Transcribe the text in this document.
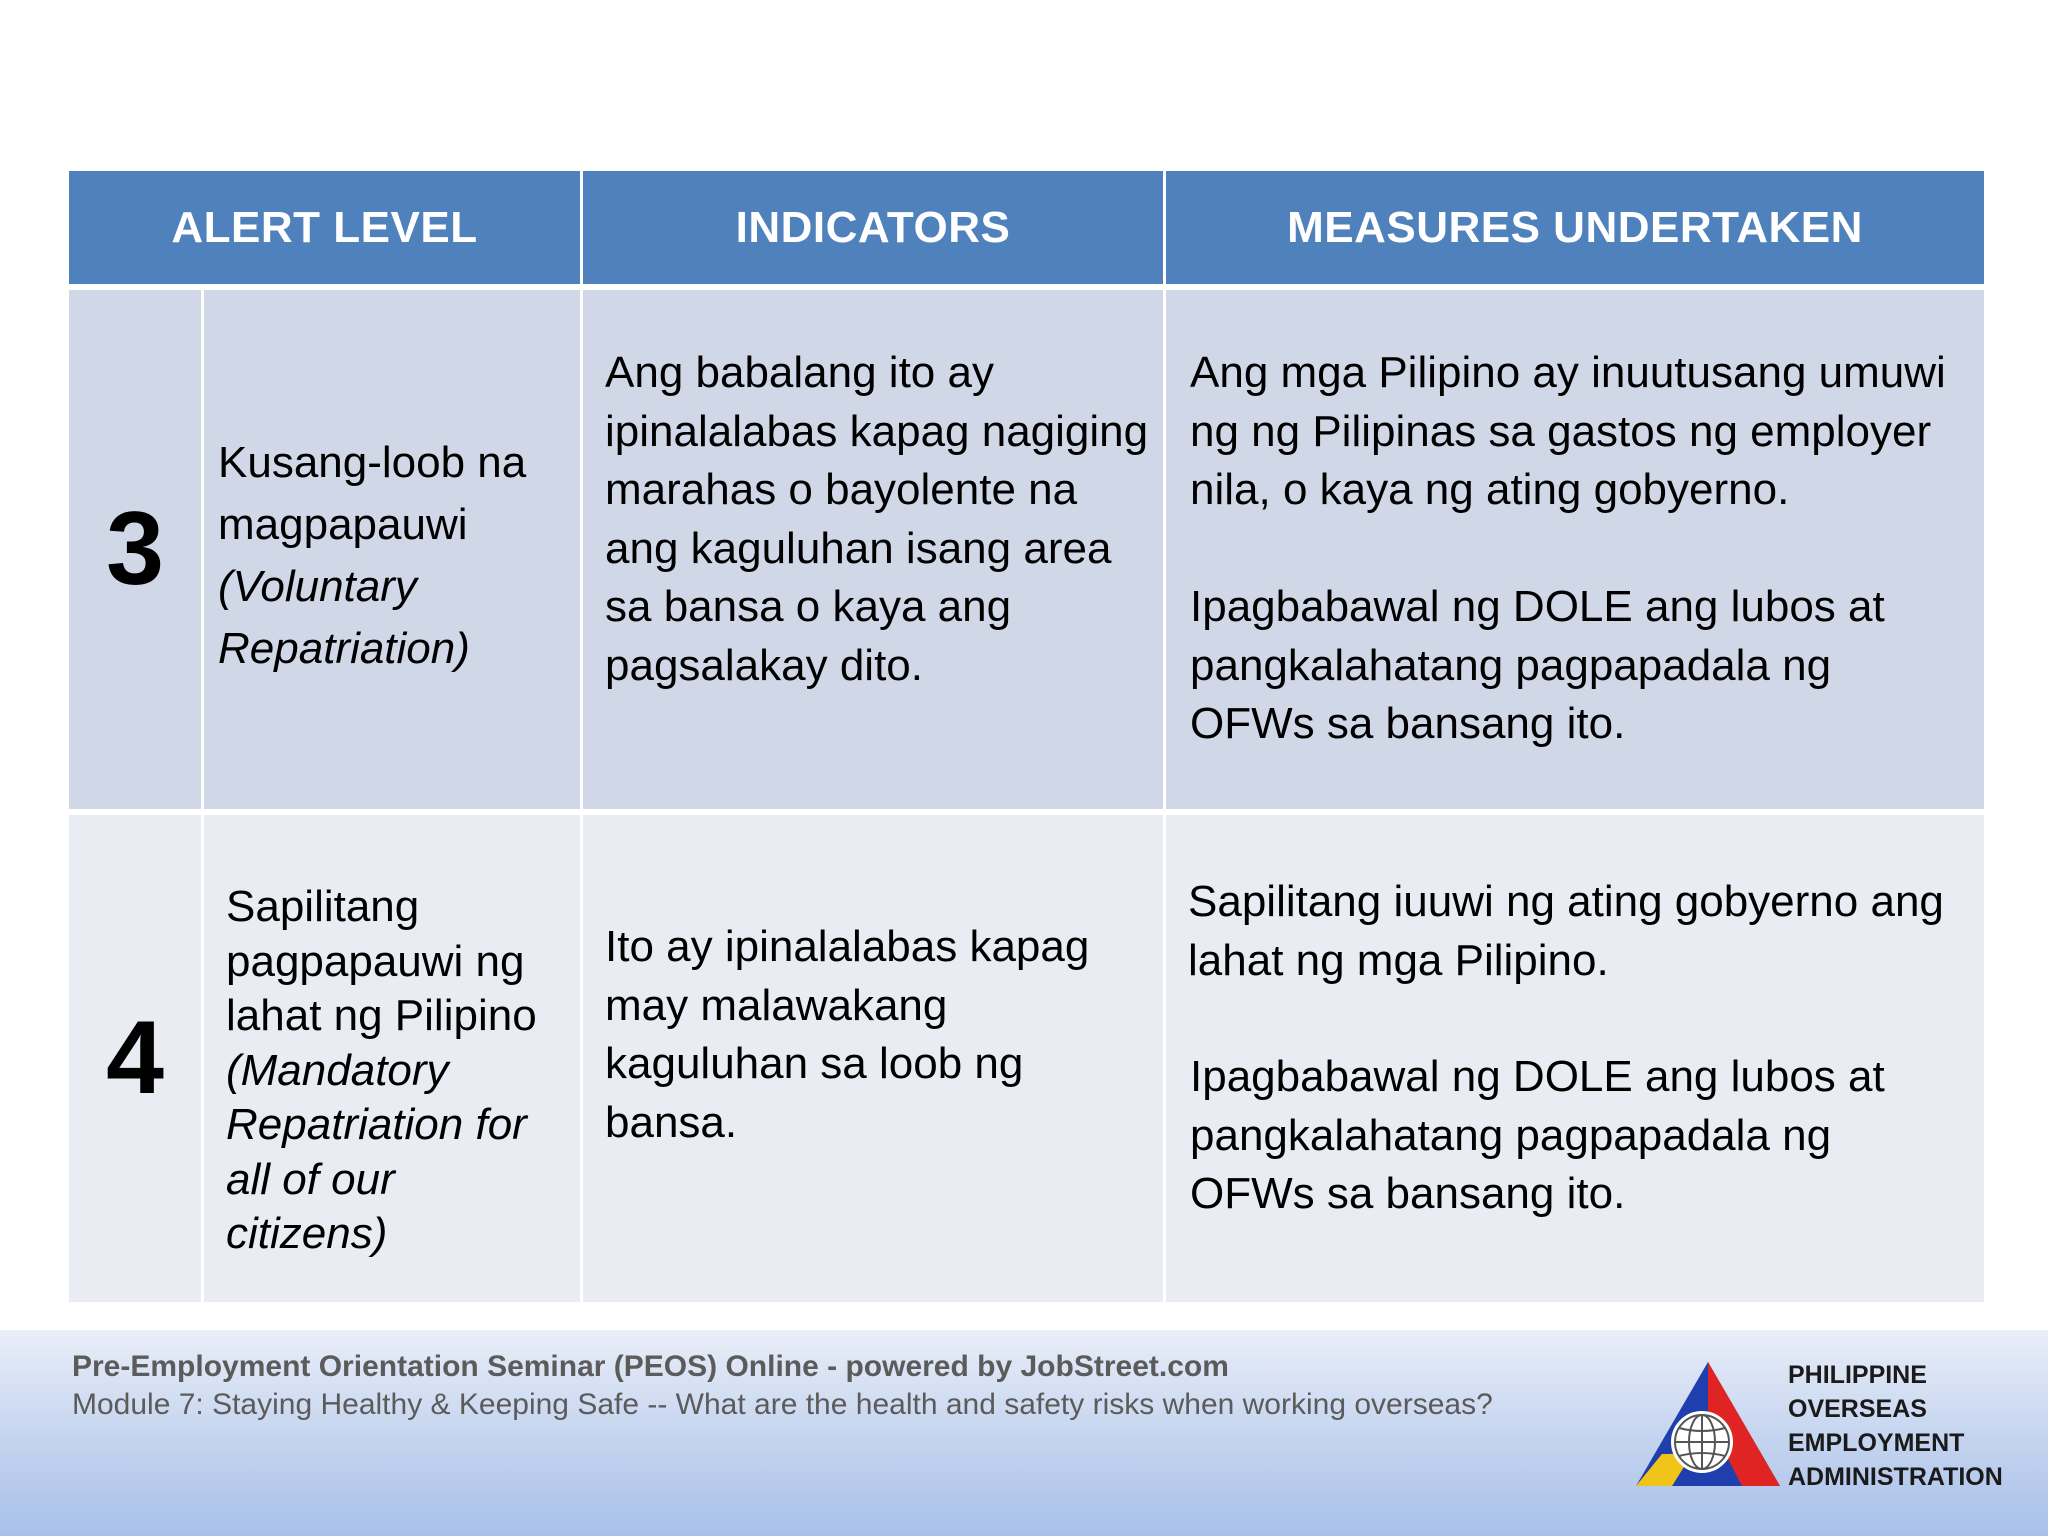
ALERT LEVEL	INDICATORS	MEASURES UNDERTAKEN
3
Kusang-loob na magpapauwi
(Voluntary Repatriation)
Ang babalang ito ay ipinalalabas kapag nagiging marahas o bayolente na ang kaguluhan isang area sa bansa o kaya ang pagsalakay dito.
Ang mga Pilipino ay inuutusang umuwi ng ng Pilipinas sa gastos ng employer nila, o kaya ng ating gobyerno.
Ipagbabawal ng DOLE ang lubos at pangkalahatang pagpapadala ng OFWs sa bansang ito.
4
Sapilitang pagpapauwi ng lahat ng Pilipino
(Mandatory Repatriation for all of our citizens)
Ito ay ipinalalabas kapag may malawakang kaguluhan sa loob ng bansa.
Sapilitang iuuwi ng ating gobyerno ang lahat ng mga Pilipino.
Ipagbabawal ng DOLE ang lubos at pangkalahatang pagpapadala ng OFWs sa bansang ito.
Pre-Employment Orientation Seminar (PEOS) Online - powered by JobStreet.com
Module 7: Staying Healthy & Keeping Safe -- What are the health and safety risks when working overseas?
PHILIPPINE
OVERSEAS
EMPLOYMENT
ADMINISTRATION
